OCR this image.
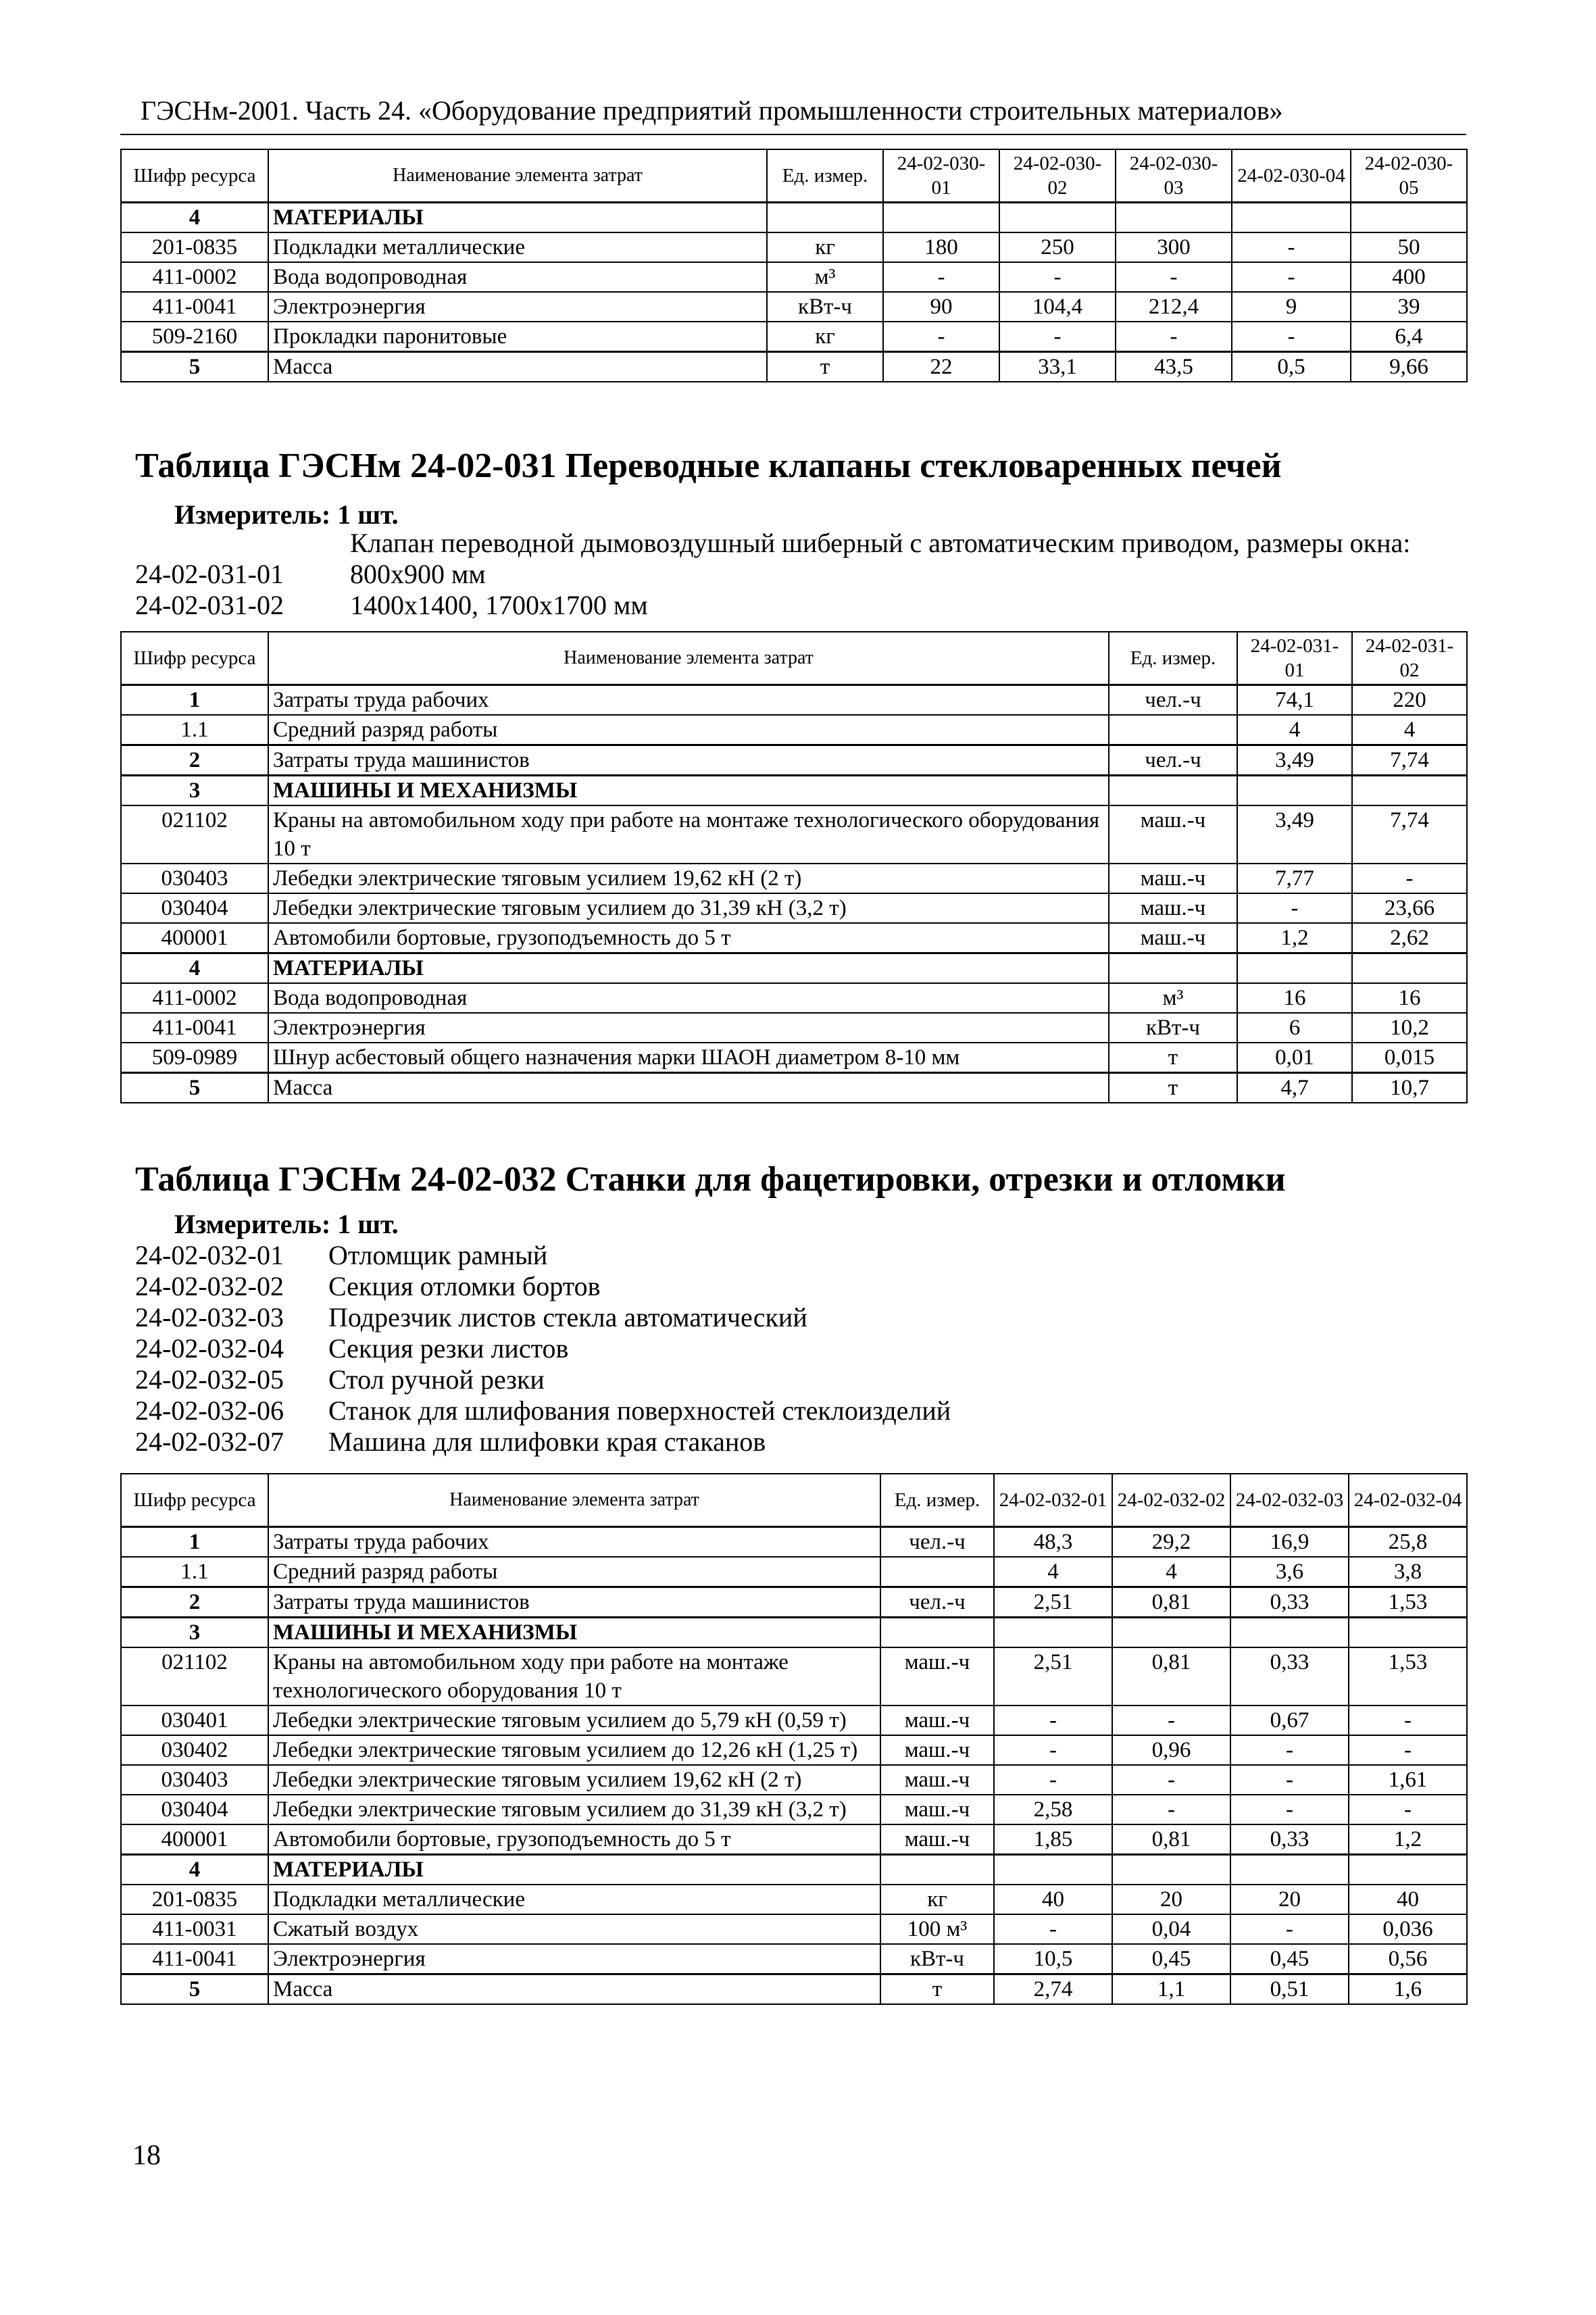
ГЭСНм-2001. Часть 24. «Оборудование предприятий промышленности строительных материалов»
Шифр ресурса	Наименование элемента затрат	Ед. измер.	24-02-030-01	24-02-030-02	24-02-030-03	24-02-030-04	24-02-030-05
4	МАТЕРИАЛЫ						
201-0835	Подкладки металлические	кг	180	250	300	-	50
411-0002	Вода водопроводная	м³	-	-	-	-	400
411-0041	Электроэнергия	кВт-ч	90	104,4	212,4	9	39
509-2160	Прокладки паронитовые	кг	-	-	-	-	6,4
5	Масса	т	22	33,1	43,5	0,5	9,66
Таблица ГЭСНм 24-02-031 Переводные клапаны стекловаренных печей
Измеритель: 1 шт.
Клапан переводной дымовоздушный шиберный с автоматическим приводом, размеры окна:
24-02-031-01 800х900 мм
24-02-031-02 1400х1400, 1700х1700 мм
Шифр ресурса	Наименование элемента затрат	Ед. измер.	24-02-031-01	24-02-031-02
1	Затраты труда рабочих	чел.-ч	74,1	220
1.1	Средний разряд работы		4	4
2	Затраты труда машинистов	чел.-ч	3,49	7,74
3	МАШИНЫ И МЕХАНИЗМЫ			
021102	Краны на автомобильном ходу при работе на монтаже технологического оборудования 10 т	маш.-ч	3,49	7,74
030403	Лебедки электрические тяговым усилием 19,62 кН (2 т)	маш.-ч	7,77	-
030404	Лебедки электрические тяговым усилием до 31,39 кН (3,2 т)	маш.-ч	-	23,66
400001	Автомобили бортовые, грузоподъемность до 5 т	маш.-ч	1,2	2,62
4	МАТЕРИАЛЫ			
411-0002	Вода водопроводная	м³	16	16
411-0041	Электроэнергия	кВт-ч	6	10,2
509-0989	Шнур асбестовый общего назначения марки ШАОН диаметром 8-10 мм	т	0,01	0,015
5	Масса	т	4,7	10,7
Таблица ГЭСНм 24-02-032 Станки для фацетировки, отрезки и отломки
Измеритель: 1 шт.
24-02-032-01 Отломщик рамный
24-02-032-02 Секция отломки бортов
24-02-032-03 Подрезчик листов стекла автоматический
24-02-032-04 Секция резки листов
24-02-032-05 Стол ручной резки
24-02-032-06 Станок для шлифования поверхностей стеклоизделий
24-02-032-07 Машина для шлифовки края стаканов
Шифр ресурса	Наименование элемента затрат	Ед. измер.	24-02-032-01	24-02-032-02	24-02-032-03	24-02-032-04
1	Затраты труда рабочих	чел.-ч	48,3	29,2	16,9	25,8
1.1	Средний разряд работы		4	4	3,6	3,8
2	Затраты труда машинистов	чел.-ч	2,51	0,81	0,33	1,53
3	МАШИНЫ И МЕХАНИЗМЫ					
021102	Краны на автомобильном ходу при работе на монтаже технологического оборудования 10 т	маш.-ч	2,51	0,81	0,33	1,53
030401	Лебедки электрические тяговым усилием до 5,79 кН (0,59 т)	маш.-ч	-	-	0,67	-
030402	Лебедки электрические тяговым усилием до 12,26 кН (1,25 т)	маш.-ч	-	0,96	-	-
030403	Лебедки электрические тяговым усилием 19,62 кН (2 т)	маш.-ч	-	-	-	1,61
030404	Лебедки электрические тяговым усилием до 31,39 кН (3,2 т)	маш.-ч	2,58	-	-	-
400001	Автомобили бортовые, грузоподъемность до 5 т	маш.-ч	1,85	0,81	0,33	1,2
4	МАТЕРИАЛЫ					
201-0835	Подкладки металлические	кг	40	20	20	40
411-0031	Сжатый воздух	100 м³	-	0,04	-	0,036
411-0041	Электроэнергия	кВт-ч	10,5	0,45	0,45	0,56
5	Масса	т	2,74	1,1	0,51	1,6
18
